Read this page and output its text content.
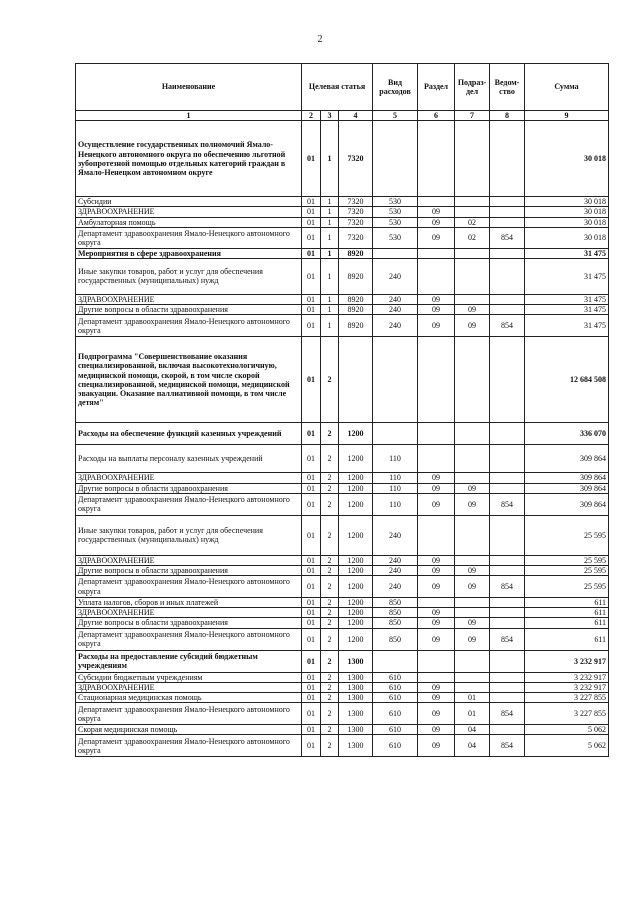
2
Наименование	Целевая статья			Вид расходов	Раздел	Подраз-дел	Ведом-ство	Сумма
1	2	3	4	5	6	7	8	9
Осуществление государственных полномочий Ямало-Ненецкого автономного округа по обеспечению льготной зубопротезной помощью отдельных категорий граждан в Ямало-Ненецком автономном округе	01	1	7320					30 018
Субсидии	01	1	7320	530				30 018
ЗДРАВООХРАНЕНИЕ	01	1	7320	530	09			30 018
Амбулаторная помощь	01	1	7320	530	09	02		30 018
Департамент здравоохранения Ямало-Ненецкого автономного округа	01	1	7320	530	09	02	854	30 018
Мероприятия в сфере здравоохранения	01	1	8920					31 475
Иные закупки товаров, работ и услуг для обеспечения государственных (муниципальных) нужд	01	1	8920	240				31 475
ЗДРАВООХРАНЕНИЕ	01	1	8920	240	09			31 475
Другие вопросы в области здравоохранения	01	1	8920	240	09	09		31 475
Департамент здравоохранения Ямало-Ненецкого автономного округа	01	1	8920	240	09	09	854	31 475
Подпрограмма "Совершенствование оказания специализированной, включая высокотехнологичную, медицинской помощи, скорой, в том числе скорой специализированной, медицинской помощи, медицинской эвакуации. Оказание паллиативной помощи, в том числе детям"	01	2						12 684 508
Расходы на обеспечение функций казенных учреждений	01	2	1200					336 070
Расходы на выплаты персоналу казенных учреждений	01	2	1200	110				309 864
ЗДРАВООХРАНЕНИЕ	01	2	1200	110	09			309 864
Другие вопросы в области здравоохранения	01	2	1200	110	09	09		309 864
Департамент здравоохранения Ямало-Ненецкого автономного округа	01	2	1200	110	09	09	854	309 864
Иные закупки товаров, работ и услуг для обеспечения государственных (муниципальных) нужд	01	2	1200	240				25 595
ЗДРАВООХРАНЕНИЕ	01	2	1200	240	09			25 595
Другие вопросы в области здравоохранения	01	2	1200	240	09	09		25 595
Департамент здравоохранения Ямало-Ненецкого автономного округа	01	2	1200	240	09	09	854	25 595
Уплата налогов, сборов и иных платежей	01	2	1200	850				611
ЗДРАВООХРАНЕНИЕ	01	2	1200	850	09			611
Другие вопросы в области здравоохранения	01	2	1200	850	09	09		611
Департамент здравоохранения Ямало-Ненецкого автономного округа	01	2	1200	850	09	09	854	611
Расходы на предоставление субсидий бюджетным учреждениям	01	2	1300					3 232 917
Субсидии бюджетным учреждениям	01	2	1300	610				3 232 917
ЗДРАВООХРАНЕНИЕ	01	2	1300	610	09			3 232 917
Стационарная медицинская помощь	01	2	1300	610	09	01		3 227 855
Департамент здравоохранения Ямало-Ненецкого автономного округа	01	2	1300	610	09	01	854	3 227 855
Скорая медицинская помощь	01	2	1300	610	09	04		5 062
Департамент здравоохранения Ямало-Ненецкого автономного округа	01	2	1300	610	09	04	854	5 062
